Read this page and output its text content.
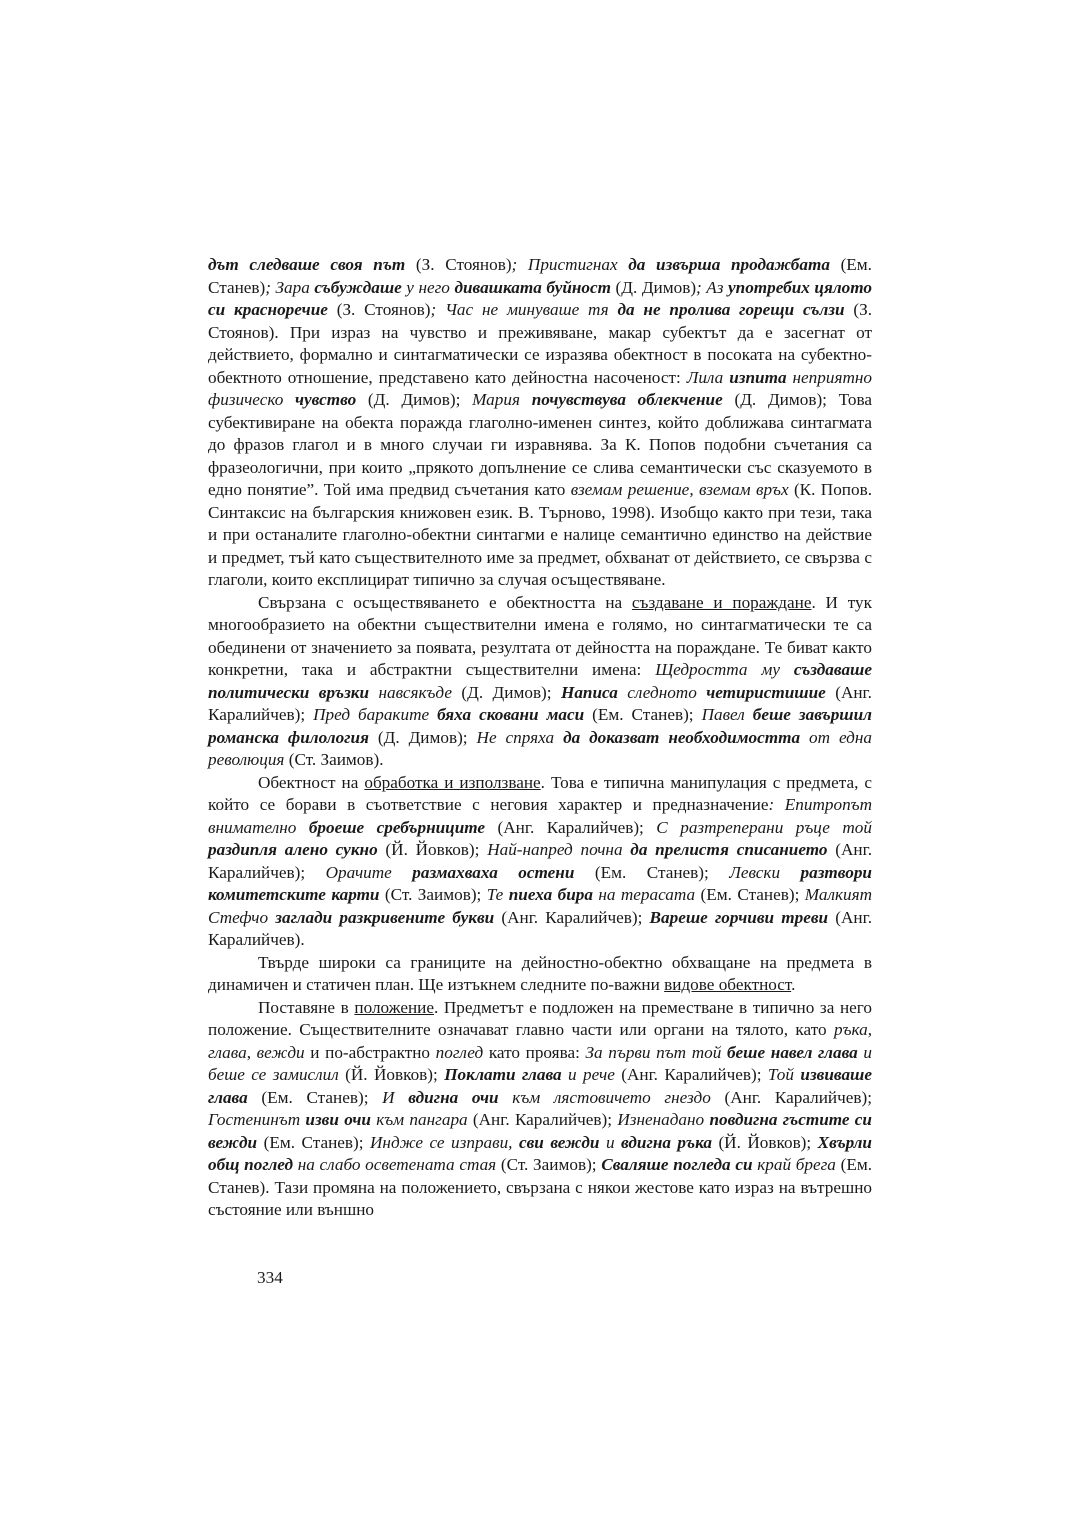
дът следваше своя път (З. Стоянов); Пристигнах да извърша продажбата (Ем. Станев); Зара събуждаше у него дивашката буйност (Д. Димов); Аз употребих цялото си красноречие (З. Стоянов); Час не минуваше тя да не пролива горещи сълзи (З. Стоянов). При израз на чувство и преживяване, макар субектът да е засегнат от действието, формално и синтагматически се изразява обектност в посоката на субектно-обектното отношение, представено като дейностна насоченост: Лила изпита неприятно физическо чувство (Д. Димов); Мария почувствува облекчение (Д. Димов); Това субективиране на обекта поражда глаголно-именен синтез, който доближава синтагмата до фразов глагол и в много случаи ги изравнява. За К. Попов подобни съчетания са фразеологични, при които „прякото допълнение се слива семантически със сказуемото в едно понятие”. Той има предвид съчетания като вземам решение, вземам връх (К. Попов. Синтаксис на българския книжовен език. В. Търново, 1998). Изобщо както при тези, така и при останалите глаголно-обектни синтагми е налице семантично единство на действие и предмет, тъй като съществителното име за предмет, обхванат от действието, се свързва с глаголи, които експлицират типично за случая осъществяване.

Свързана с осъществяването е обектността на създаване и пораждане. И тук многообразието на обектни съществителни имена е голямо, но синтагматически те са обединени от значението за появата, резултата от дейността на пораждане. Те биват както конкретни, така и абстрактни съществителни имена: Щедростта му създаваше политически връзки навсякъде (Д. Димов); Написа следното четиристишие (Анг. Каралийчев); Пред бараките бяха сковани маси (Ем. Станев); Павел беше завършил романска филология (Д. Димов); Не спряха да доказват необходимостта от една революция (Ст. Заимов).

Обектност на обработка и използване. Това е типична манипулация с предмета, с който се борави в съответствие с неговия характер и предназначение: Епитропът внимателно броеше сребърниците (Анг. Каралийчев); С разтреперани ръце той раздипля алено сукно (Й. Йовков); Най-напред почна да прелистя списанието (Анг. Каралийчев); Орачите размахваха остени (Ем. Станев); Левски разтвори комитетските карти (Ст. Заимов); Те пиеха бира на терасата (Ем. Станев); Малкият Стефчо заглади разкривените букви (Анг. Каралийчев); Вареше горчиви треви (Анг. Каралийчев).

Твърде широки са границите на дейностно-обектно обхващане на предмета в динамичен и статичен план. Ще изтъкнем следните по-важни видове обектност.

Поставяне в положение. Предметът е подложен на преместване в типично за него положение. Съществителните означават главно части или органи на тялото, като ръка, глава, вежди и по-абстрактно поглед като проява: За първи път той беше навел глава и беше се замислил (Й. Йовков); Поклати глава и рече (Анг. Каралийчев); Той извиваше глава (Ем. Станев); И вдигна очи към лястовичето гнездо (Анг. Каралийчев); Гостенинът изви очи към пангара (Анг. Каралийчев); Изненадано повдигна гъстите си вежди (Ем. Станев); Индже се изправи, сви вежди и вдигна ръка (Й. Йовков); Хвърли общ поглед на слабо осветената стая (Ст. Заимов); Сваляше погледа си край брега (Ем. Станев). Тази промяна на положението, свързана с някои жестове като израз на вътрешно състояние или външно

334
